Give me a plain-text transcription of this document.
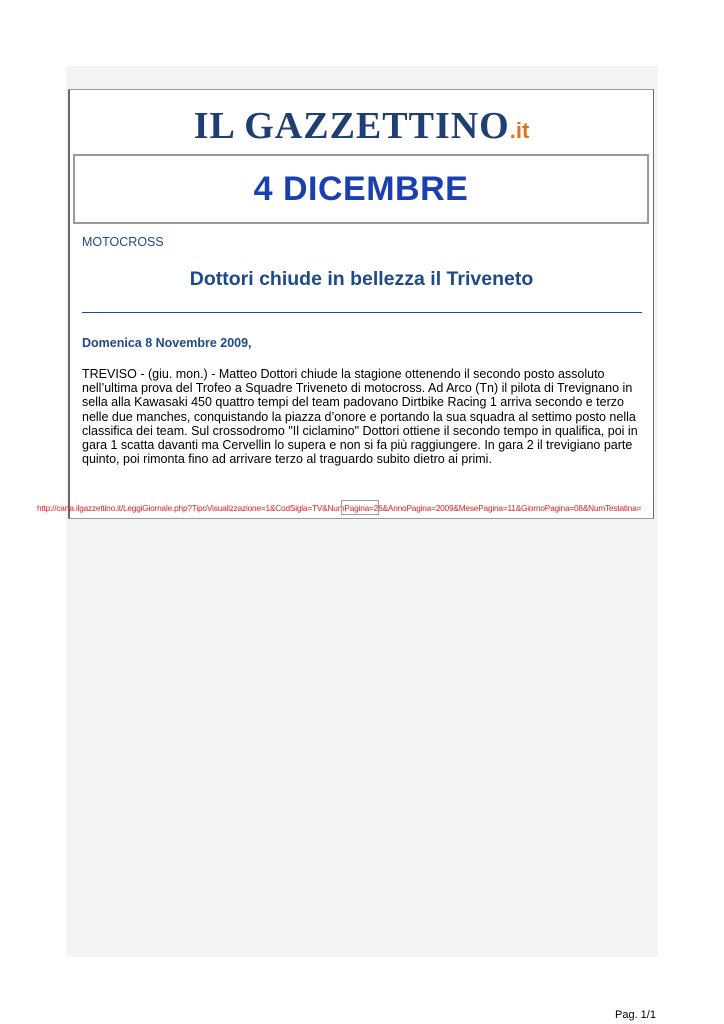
IL GAZZETTINO.it
4 DICEMBRE
MOTOCROSS
Dottori chiude in bellezza il Triveneto
Domenica 8 Novembre 2009,
TREVISO - (giu. mon.) - Matteo Dottori chiude la stagione ottenendo il secondo posto assoluto nell’ultima prova del Trofeo a Squadre Triveneto di motocross. Ad Arco (Tn) il pilota di Trevignano in sella alla Kawasaki 450 quattro tempi del team padovano Dirtbike Racing 1 arriva secondo e terzo nelle due manches, conquistando la piazza d’onore e portando la sua squadra al settimo posto nella classifica dei team. Sul crossodromo "Il ciclamino" Dottori ottiene il secondo tempo in qualifica, poi in gara 1 scatta davanti ma Cervellin lo supera e non si fa più raggiungere. In gara 2 il trevigiano parte quinto, poi rimonta fino ad arrivare terzo al traguardo subito dietro ai primi.
http://carta.ilgazzettino.it/LeggiGiornale.php?TipoVisualizzazione=1&CodSigla=TV&NumPagina=26&AnnoPagina=2009&MesePagina=11&GiornoPagina=08&NumTestatina=
Pag. 1/1
